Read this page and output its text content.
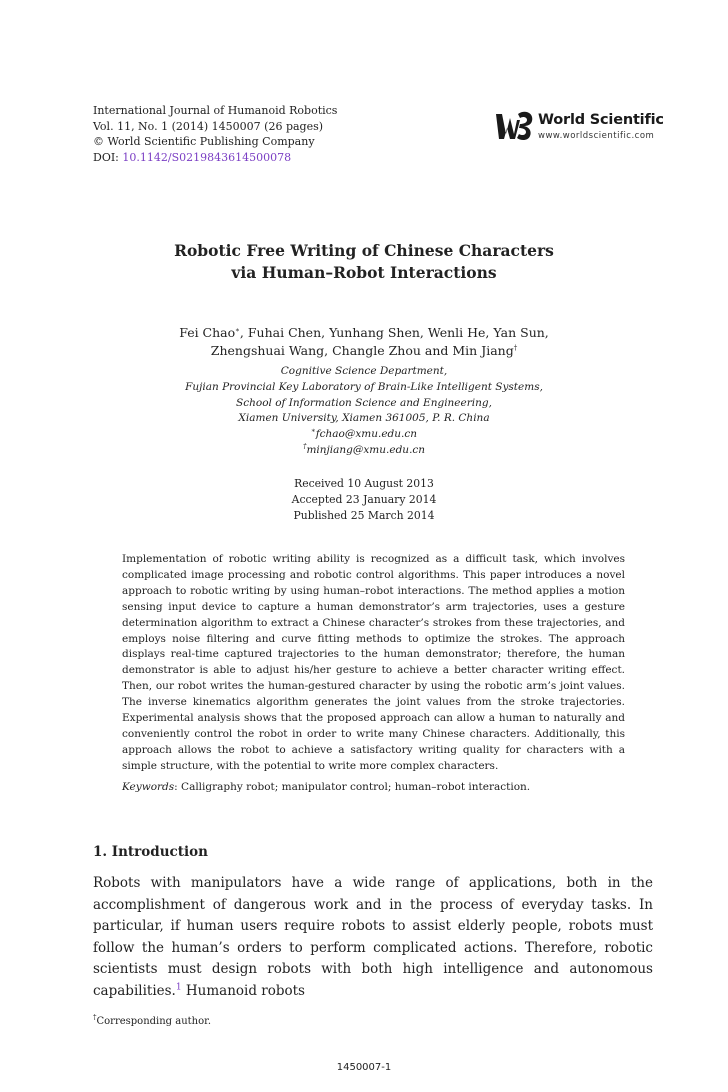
International Journal of Humanoid Robotics
Vol. 11, No. 1 (2014) 1450007 (26 pages)
© World Scientific Publishing Company
DOI: 10.1142/S0219843614500078
World Scientific
www.worldscientific.com
Robotic Free Writing of Chinese Characters
via Human–Robot Interactions
Fei Chao∗, Fuhai Chen, Yunhang Shen, Wenli He, Yan Sun,
Zhengshuai Wang, Changle Zhou and Min Jiang†
Cognitive Science Department,
Fujian Provincial Key Laboratory of Brain-Like Intelligent Systems,
School of Information Science and Engineering,
Xiamen University, Xiamen 361005, P. R. China
∗fchao@xmu.edu.cn
†minjiang@xmu.edu.cn
Received 10 August 2013
Accepted 23 January 2014
Published 25 March 2014
Implementation of robotic writing ability is recognized as a difficult task, which involves complicated image processing and robotic control algorithms. This paper introduces a novel approach to robotic writing by using human–robot interactions. The method applies a motion sensing input device to capture a human demonstrator’s arm trajectories, uses a gesture determination algorithm to extract a Chinese character’s strokes from these trajectories, and employs noise filtering and curve fitting methods to optimize the strokes. The approach displays real-time captured trajectories to the human demonstrator; therefore, the human demonstrator is able to adjust his/her gesture to achieve a better character writing effect. Then, our robot writes the human-gestured character by using the robotic arm’s joint values. The inverse kinematics algorithm generates the joint values from the stroke trajectories. Experimental analysis shows that the proposed approach can allow a human to naturally and conveniently control the robot in order to write many Chinese characters. Additionally, this approach allows the robot to achieve a satisfactory writing quality for characters with a simple structure, with the potential to write more complex characters.
Keywords: Calligraphy robot; manipulator control; human–robot interaction.
1. Introduction
Robots with manipulators have a wide range of applications, both in the accomplishment of dangerous work and in the process of everyday tasks. In particular, if human users require robots to assist elderly people, robots must follow the human’s orders to perform complicated actions. Therefore, robotic scientists must design robots with both high intelligence and autonomous capabilities.$^1$ Humanoid robots
†Corresponding author.
1450007-1
